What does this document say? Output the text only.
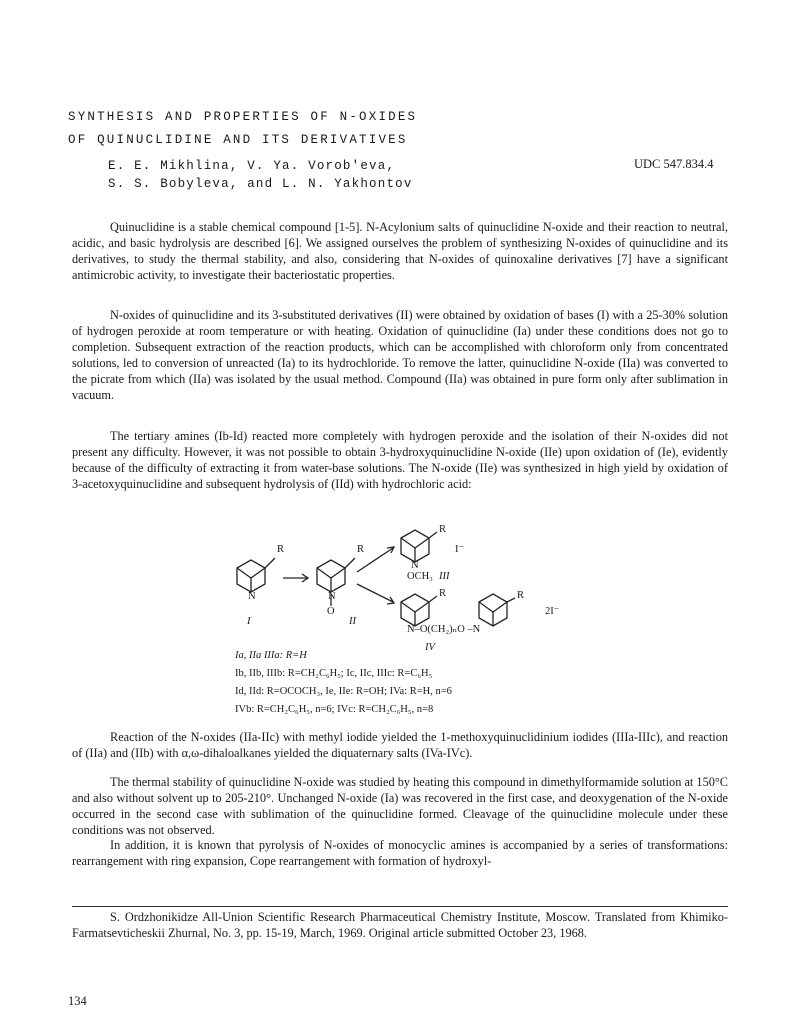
SYNTHESIS AND PROPERTIES OF N-OXIDES
OF QUINUCLIDINE AND ITS DERIVATIVES
E. E. Mikhlina, V. Ya. Vorob'eva,
S. S. Bobyleva, and L. N. Yakhontov
UDC 547.834.4

Quinuclidine is a stable chemical compound [1-5]. N-Acylonium salts of quinuclidine N-oxide and their reaction to neutral, acidic, and basic hydrolysis are described [6]. We assigned ourselves the problem of synthesizing N-oxides of quinuclidine and its derivatives, to study the thermal stability, and also, considering that N-oxides of quinoxaline derivatives [7] have a significant antimicrobic activity, to investigate their bacteriostatic properties.

N-oxides of quinuclidine and its 3-substituted derivatives (II) were obtained by oxidation of bases (I) with a 25-30% solution of hydrogen peroxide at room temperature or with heating. Oxidation of quinuclidine (Ia) under these conditions does not go to completion. Subsequent extraction of the reaction products, which can be accomplished with chloroform only from concentrated solutions, led to conversion of unreacted (Ia) to its hydrochloride. To remove the latter, quinuclidine N-oxide (IIa) was converted to the picrate from which (IIa) was isolated by the usual method. Compound (IIa) was obtained in pure form only after sublimation in vacuum.

The tertiary amines (Ib-Id) reacted more completely with hydrogen peroxide and the isolation of their N-oxides did not present any difficulty. However, it was not possible to obtain 3-hydroxyquinuclidine N-oxide (IIe) upon oxidation of (Ie), evidently because of the difficulty of extracting it from water-base solutions. The N-oxide (IIe) was synthesized in high yield by oxidation of 3-acetoxyquinuclidine and subsequent hydrolysis of (IId) with hydrochloric acid:

R
N
I
R
N
O
II
R
N
OCH₃ III
I⁻
R	R
N–O(CH₂)ₙO –N
2I⁻
IV
Ia, IIa IIIa: R=H
Ib, IIb, IIIb: R=CH₂C₆H₅; Ic, IIc, IIIc: R=C₆H₅
Id, IId: R=OCOCH₃, Ie, IIe: R=OH; IVa: R=H, n=6
IVb: R=CH₂C₆H₅, n=6; IVc: R=CH₂C₆H₅, n=8

Reaction of the N-oxides (IIa-IIc) with methyl iodide yielded the 1-methoxyquinuclidinium iodides (IIIa-IIIc), and reaction of (IIa) and (IIb) with α,ω-dihaloalkanes yielded the diquaternary salts (IVa-IVc).

The thermal stability of quinuclidine N-oxide was studied by heating this compound in dimethylformamide solution at 150°C and also without solvent up to 205-210°. Unchanged N-oxide (Ia) was recovered in the first case, and deoxygenation of the N-oxide occurred in the second case with sublimation of the quinuclidine formed. Cleavage of the quinuclidine molecule under these conditions was not observed.

In addition, it is known that pyrolysis of N-oxides of monocyclic amines is accompanied by a series of transformations: rearrangement with ring expansion, Cope rearrangement with formation of hydroxyl-

S. Ordzhonikidze All-Union Scientific Research Pharmaceutical Chemistry Institute, Moscow. Translated from Khimiko-Farmatsevticheskii Zhurnal, No. 3, pp. 15-19, March, 1969. Original article submitted October 23, 1968.

134
